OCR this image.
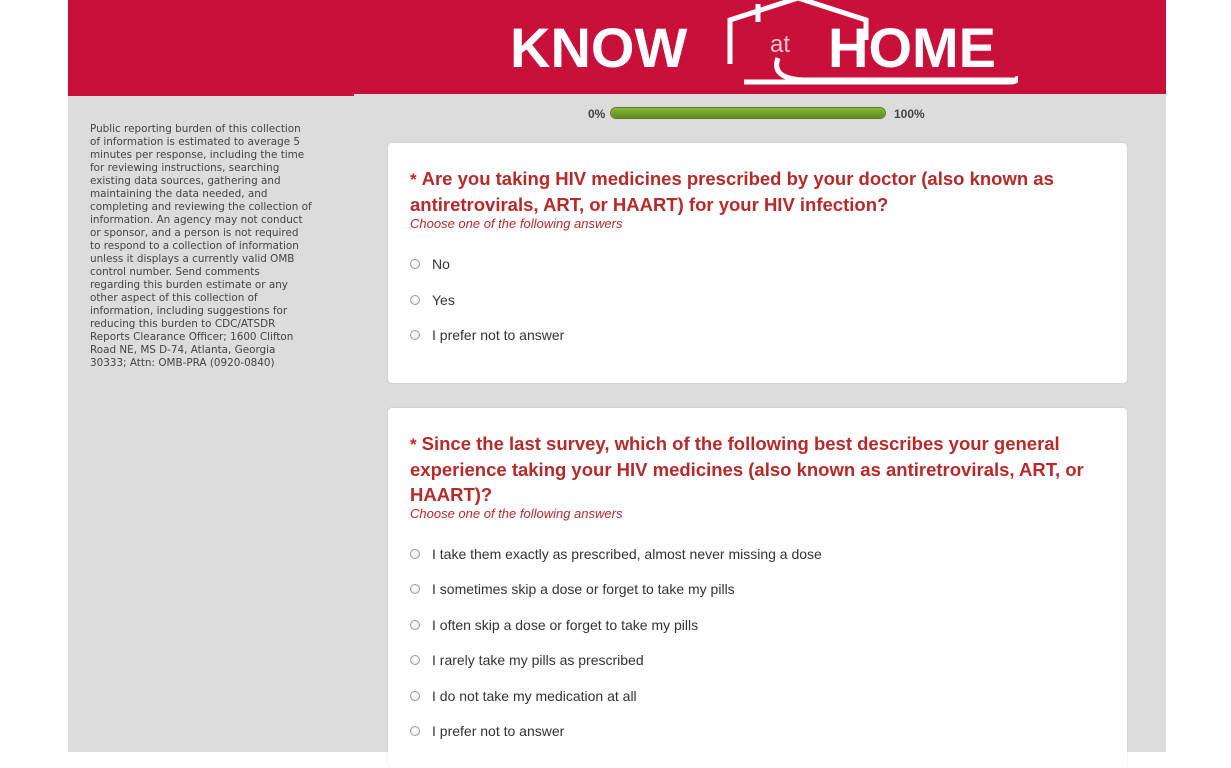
KNOW	at HOME
Public reporting burden of this collection
of information is estimated to average 5
minutes per response, including the time
for reviewing instructions, searching
existing data sources, gathering and
maintaining the data needed, and
completing and reviewing the collection of
information. An agency may not conduct
or sponsor, and a person is not required
to respond to a collection of information
unless it displays a currently valid OMB
control number. Send comments
regarding this burden estimate or any
other aspect of this collection of
information, including suggestions for
reducing this burden to CDC/ATSDR
Reports Clearance Officer; 1600 Clifton
Road NE, MS D-74, Atlanta, Georgia
30333; Attn: OMB-PRA (0920-0840)
0%	100%
* Are you taking HIV medicines prescribed by your doctor (also known as antiretrovirals, ART, or HAART) for your HIV infection?
Choose one of the following answers
No
Yes
I prefer not to answer
* Since the last survey, which of the following best describes your general experience taking your HIV medicines (also known as antiretrovirals, ART, or HAART)?
Choose one of the following answers
I take them exactly as prescribed, almost never missing a dose
I sometimes skip a dose or forget to take my pills
I often skip a dose or forget to take my pills
I rarely take my pills as prescribed
I do not take my medication at all
I prefer not to answer
